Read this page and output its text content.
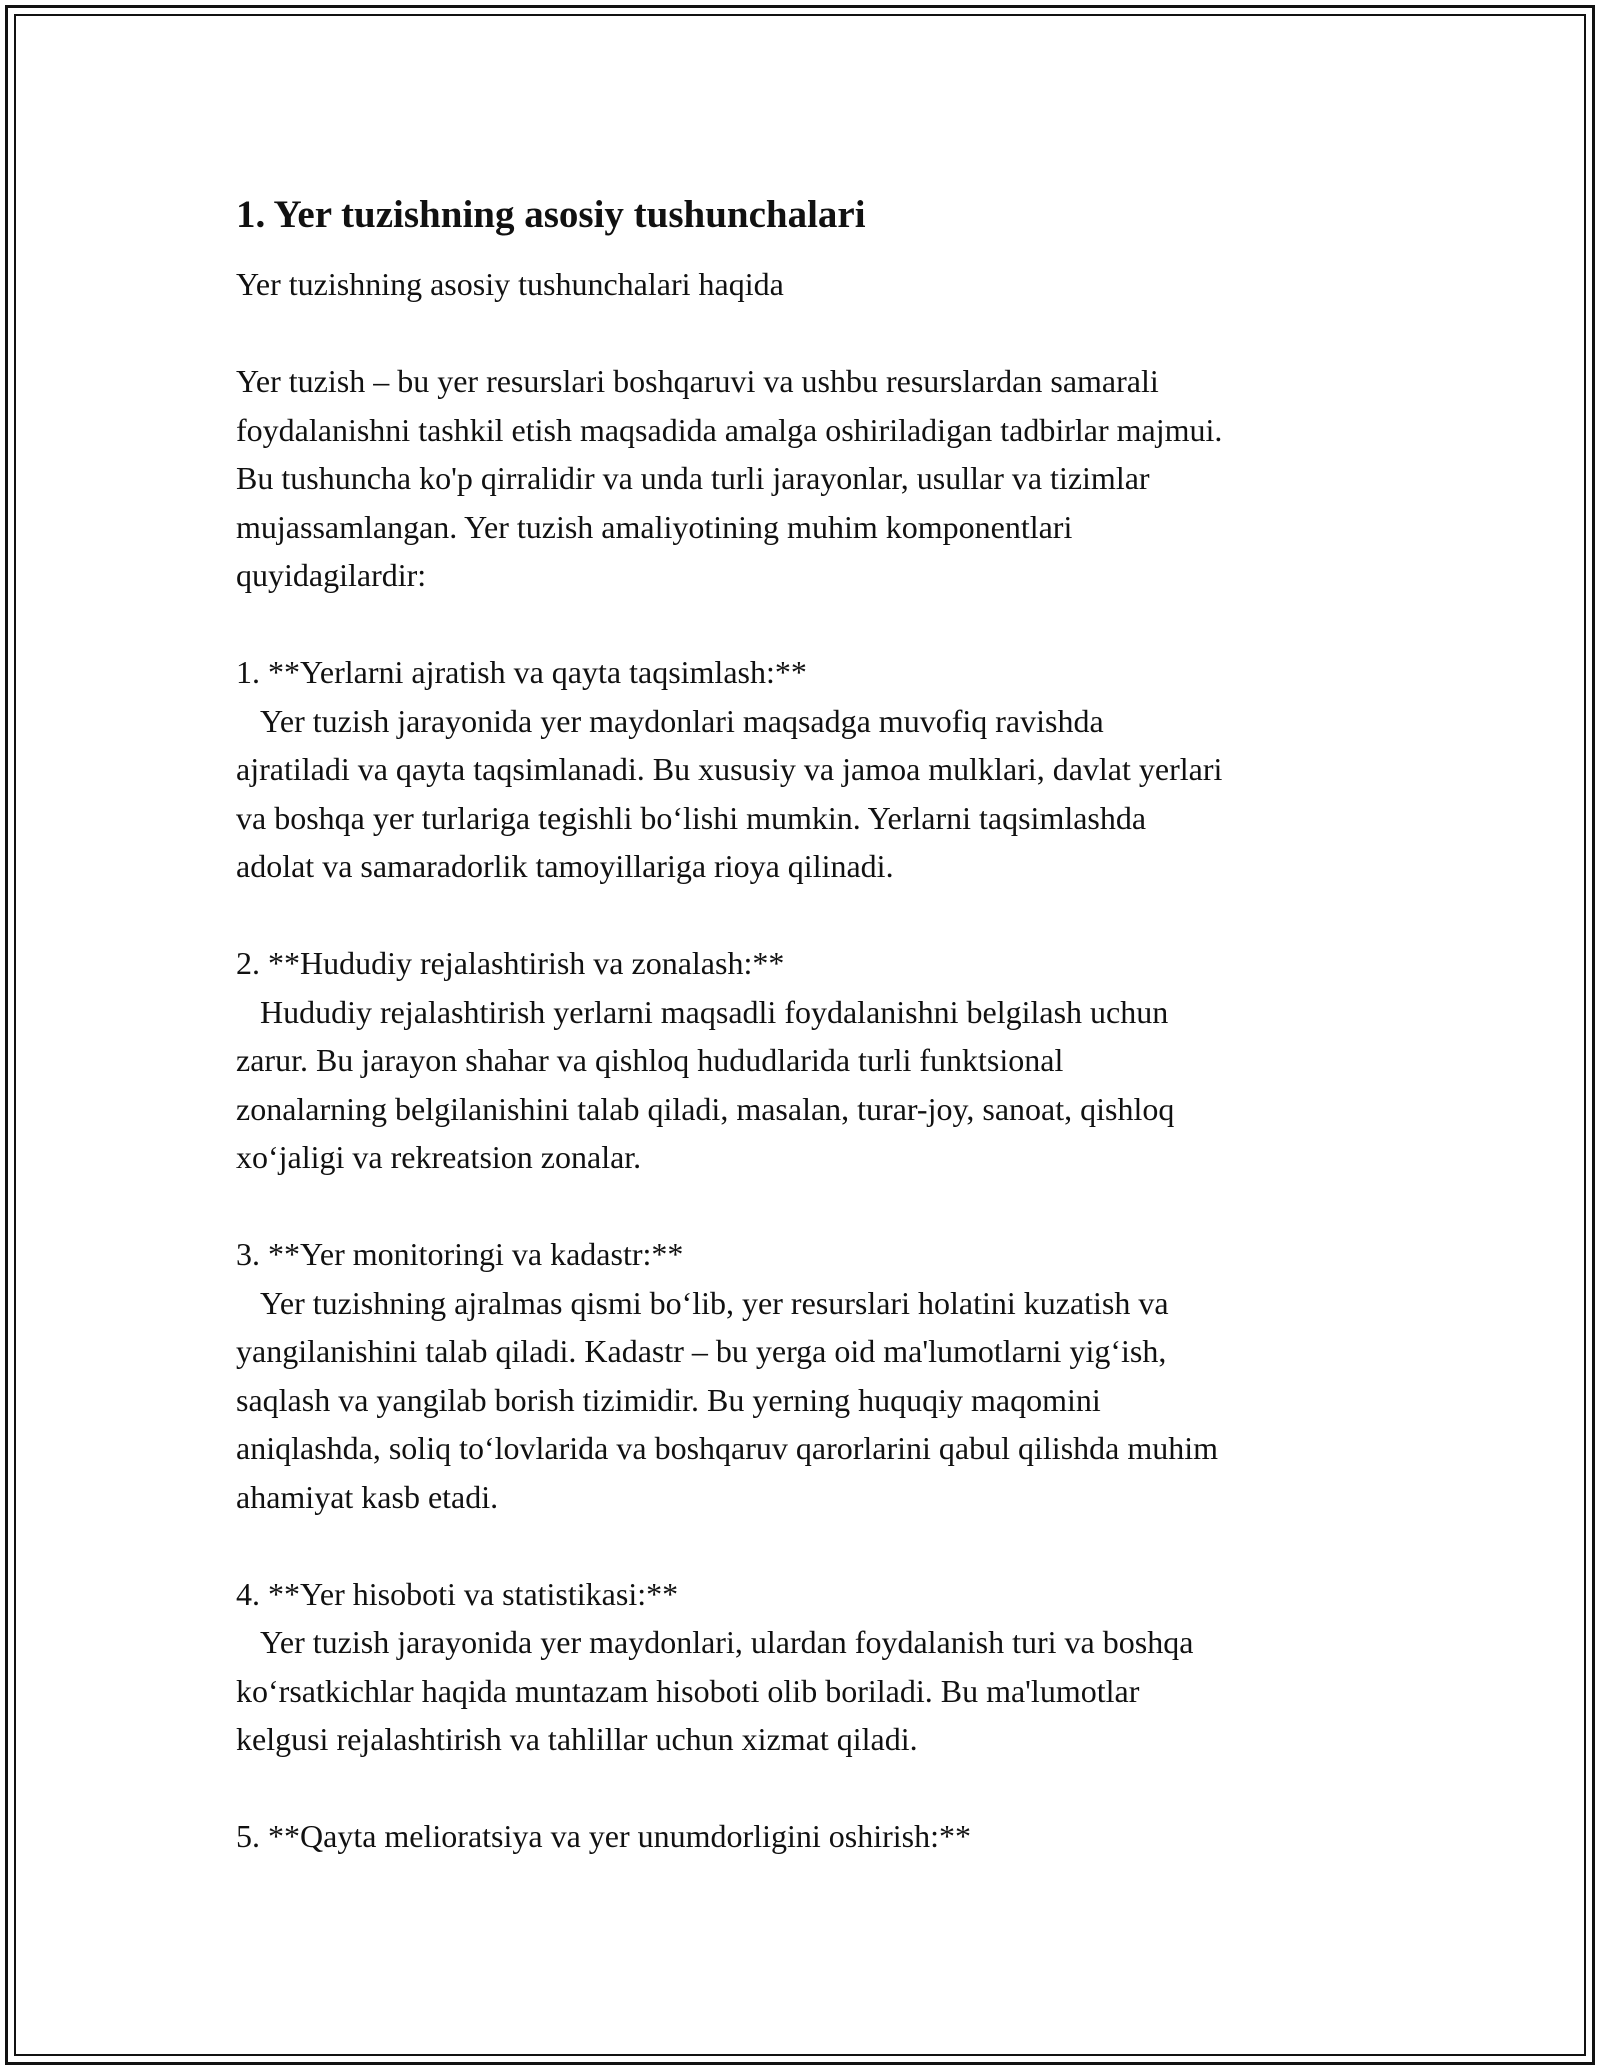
1. Yer tuzishning asosiy tushunchalari

Yer tuzishning asosiy tushunchalari haqida

Yer tuzish – bu yer resurslari boshqaruvi va ushbu resurslardan samarali
foydalanishni tashkil etish maqsadida amalga oshiriladigan tadbirlar majmui.
Bu tushuncha ko'p qirralidir va unda turli jarayonlar, usullar va tizimlar
mujassamlangan. Yer tuzish amaliyotining muhim komponentlari
quyidagilardir:

1. **Yerlarni ajratish va qayta taqsimlash:**

Yer tuzish jarayonida yer maydonlari maqsadga muvofiq ravishda
ajratiladi va qayta taqsimlanadi. Bu xususiy va jamoa mulklari, davlat yerlari
va boshqa yer turlariga tegishli bo‘lishi mumkin. Yerlarni taqsimlashda
adolat va samaradorlik tamoyillariga rioya qilinadi.

2. **Hududiy rejalashtirish va zonalash:**

Hududiy rejalashtirish yerlarni maqsadli foydalanishni belgilash uchun
zarur. Bu jarayon shahar va qishloq hududlarida turli funktsional
zonalarning belgilanishini talab qiladi, masalan, turar-joy, sanoat, qishloq
xo‘jaligi va rekreatsion zonalar.

3. **Yer monitoringi va kadastr:**

Yer tuzishning ajralmas qismi bo‘lib, yer resurslari holatini kuzatish va
yangilanishini talab qiladi. Kadastr – bu yerga oid ma'lumotlarni yig‘ish,
saqlash va yangilab borish tizimidir. Bu yerning huquqiy maqomini
aniqlashda, soliq to‘lovlarida va boshqaruv qarorlarini qabul qilishda muhim
ahamiyat kasb etadi.

4. **Yer hisoboti va statistikasi:**

Yer tuzish jarayonida yer maydonlari, ulardan foydalanish turi va boshqa
ko‘rsatkichlar haqida muntazam hisoboti olib boriladi. Bu ma'lumotlar
kelgusi rejalashtirish va tahlillar uchun xizmat qiladi.

5. **Qayta melioratsiya va yer unumdorligini oshirish:**
